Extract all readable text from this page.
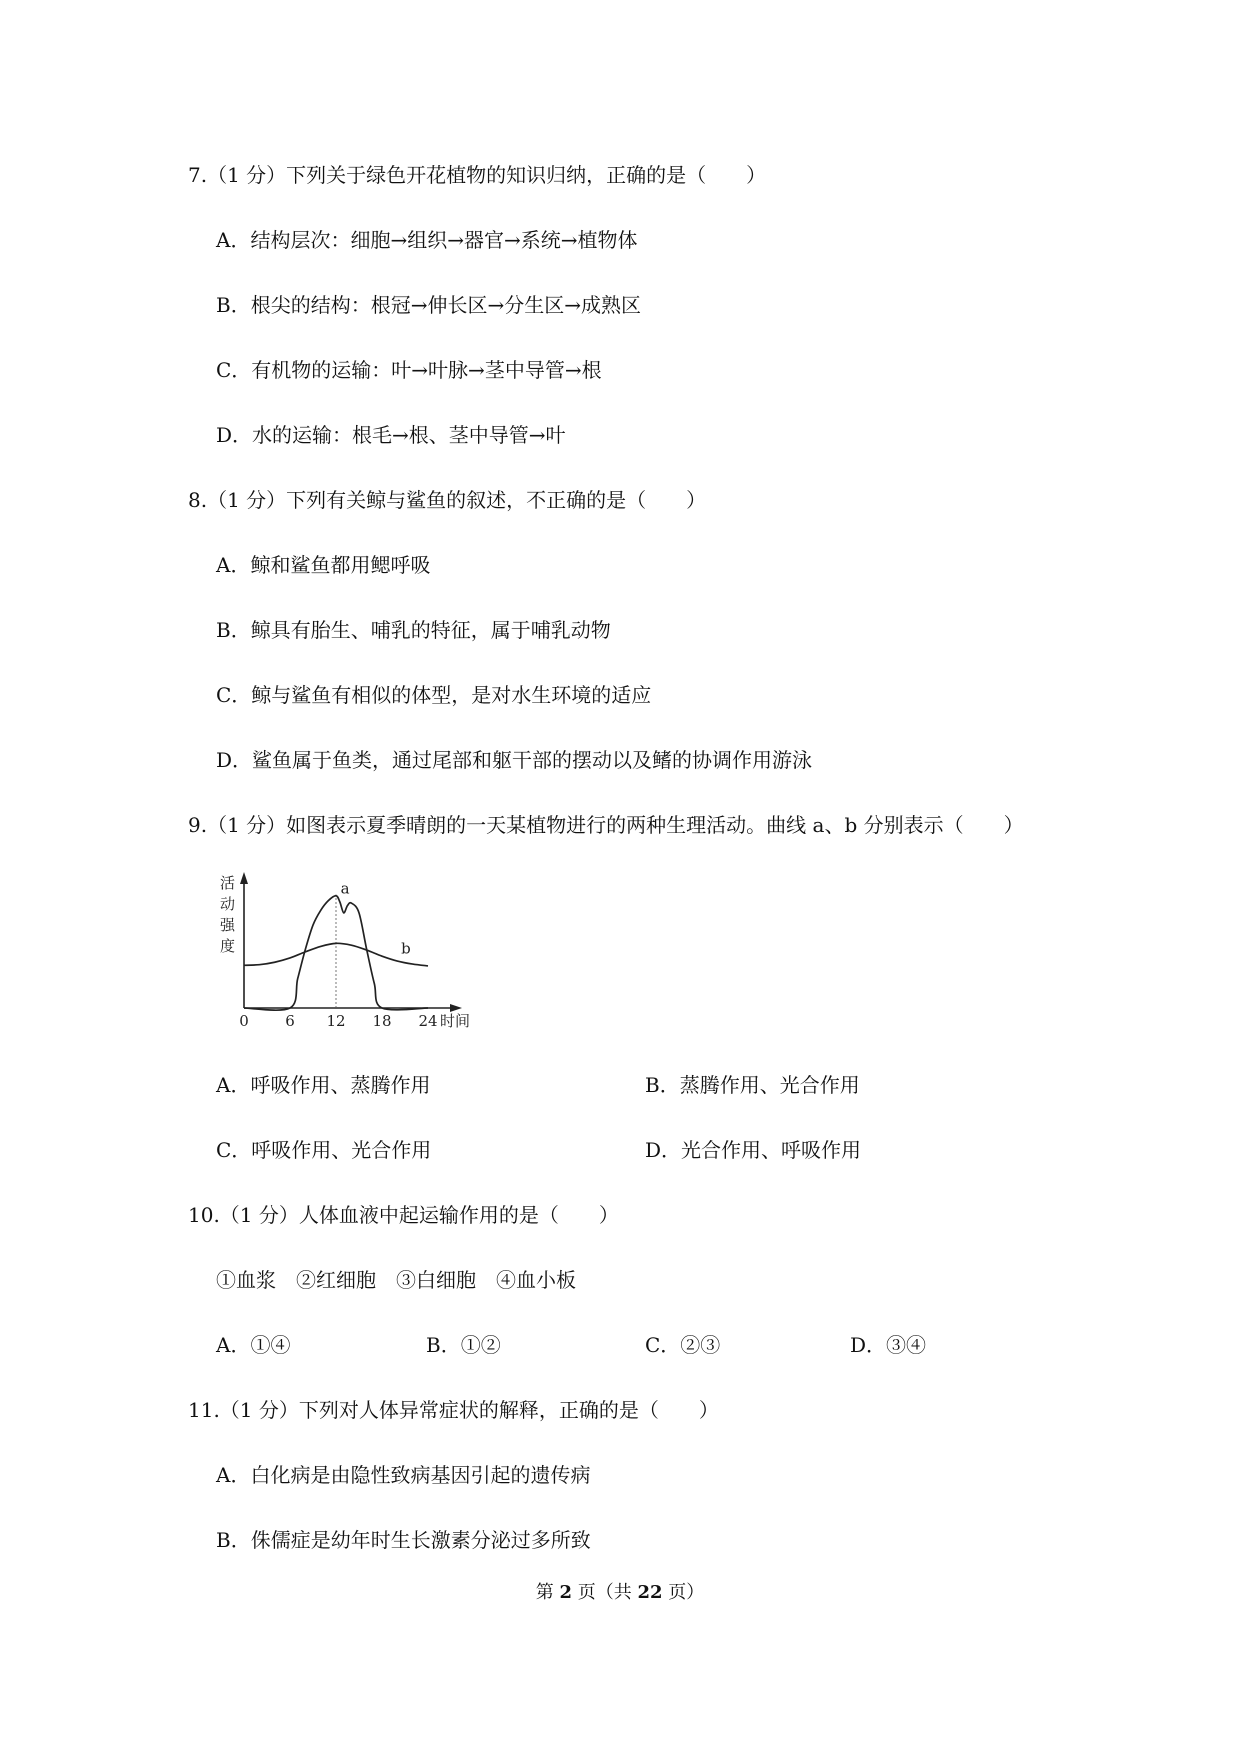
7.（1 分）下列关于绿色开花植物的知识归纳，正确的是（　　）
A．结构层次：细胞→组织→器官→系统→植物体
B．根尖的结构：根冠→伸长区→分生区→成熟区
C．有机物的运输：叶→叶脉→茎中导管→根
D．水的运输：根毛→根、茎中导管→叶
8.（1 分）下列有关鲸与鲨鱼的叙述，不正确的是（　　）
A．鲸和鲨鱼都用鳃呼吸
B．鲸具有胎生、哺乳的特征，属于哺乳动物
C．鲸与鲨鱼有相似的体型，是对水生环境的适应
D．鲨鱼属于鱼类，通过尾部和躯干部的摆动以及鳍的协调作用游泳
9.（1 分）如图表示夏季晴朗的一天某植物进行的两种生理活动。曲线 a、b 分别表示（　　）
活
动
强
度
a
b
0 6 12 18 24 时间
A．呼吸作用、蒸腾作用	B．蒸腾作用、光合作用
C．呼吸作用、光合作用	D．光合作用、呼吸作用
10.（1 分）人体血液中起运输作用的是（　　）
①血浆　②红细胞　③白细胞　④血小板
A．①④	B．①②	C．②③	D．③④
11.（1 分）下列对人体异常症状的解释，正确的是（　　）
A．白化病是由隐性致病基因引起的遗传病
B．侏儒症是幼年时生长激素分泌过多所致
第 2 页（共 22 页）
